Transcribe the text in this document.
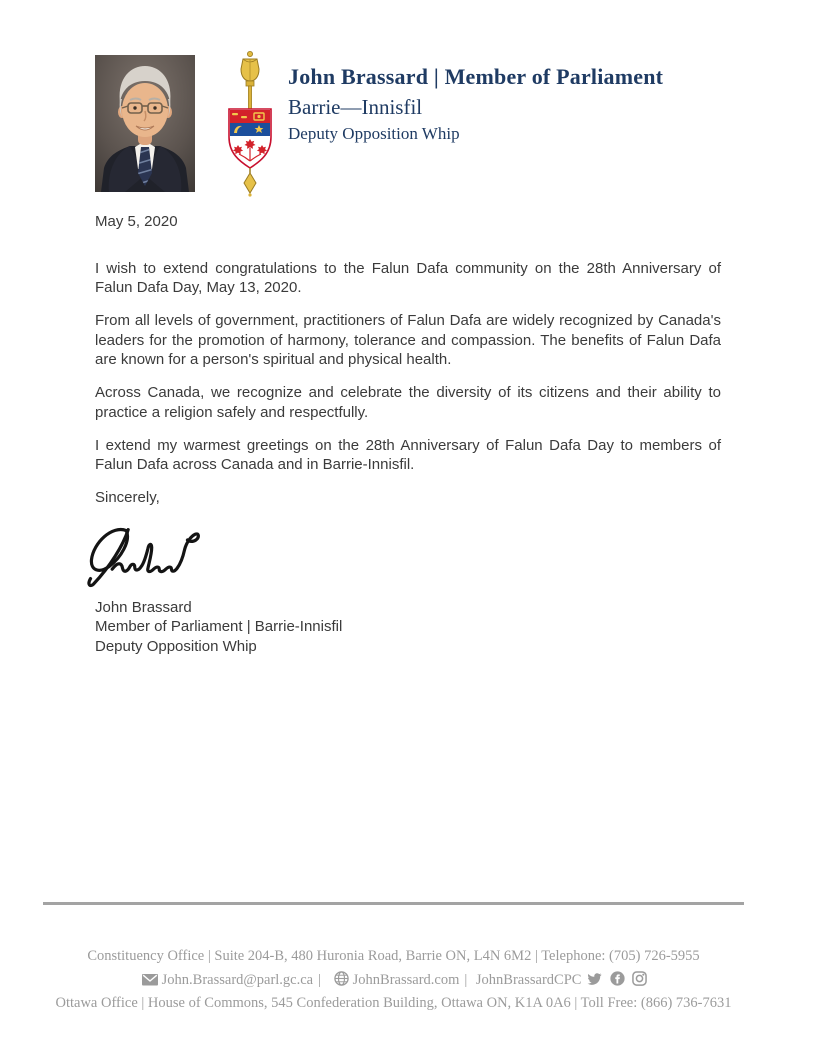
John Brassard | Member of Parliament
Barrie—Innisfil
Deputy Opposition Whip

May 5, 2020

I wish to extend congratulations to the Falun Dafa community on the 28th Anniversary of Falun Dafa Day, May 13, 2020.

From all levels of government, practitioners of Falun Dafa are widely recognized by Canada's leaders for the promotion of harmony, tolerance and compassion. The benefits of Falun Dafa are known for a person's spiritual and physical health.

Across Canada, we recognize and celebrate the diversity of its citizens and their ability to practice a religion safely and respectfully.

I extend my warmest greetings on the 28th Anniversary of Falun Dafa Day to members of Falun Dafa across Canada and in Barrie-Innisfil.

Sincerely,

John Brassard
Member of Parliament | Barrie-Innisfil
Deputy Opposition Whip
Constituency Office | Suite 204-B, 480 Huronia Road, Barrie ON, L4N 6M2 | Telephone: (705) 726-5955
John.Brassard@parl.gc.ca | JohnBrassard.com | JohnBrassardCPC
Ottawa Office | House of Commons, 545 Confederation Building, Ottawa ON, K1A 0A6 | Toll Free: (866) 736-7631
